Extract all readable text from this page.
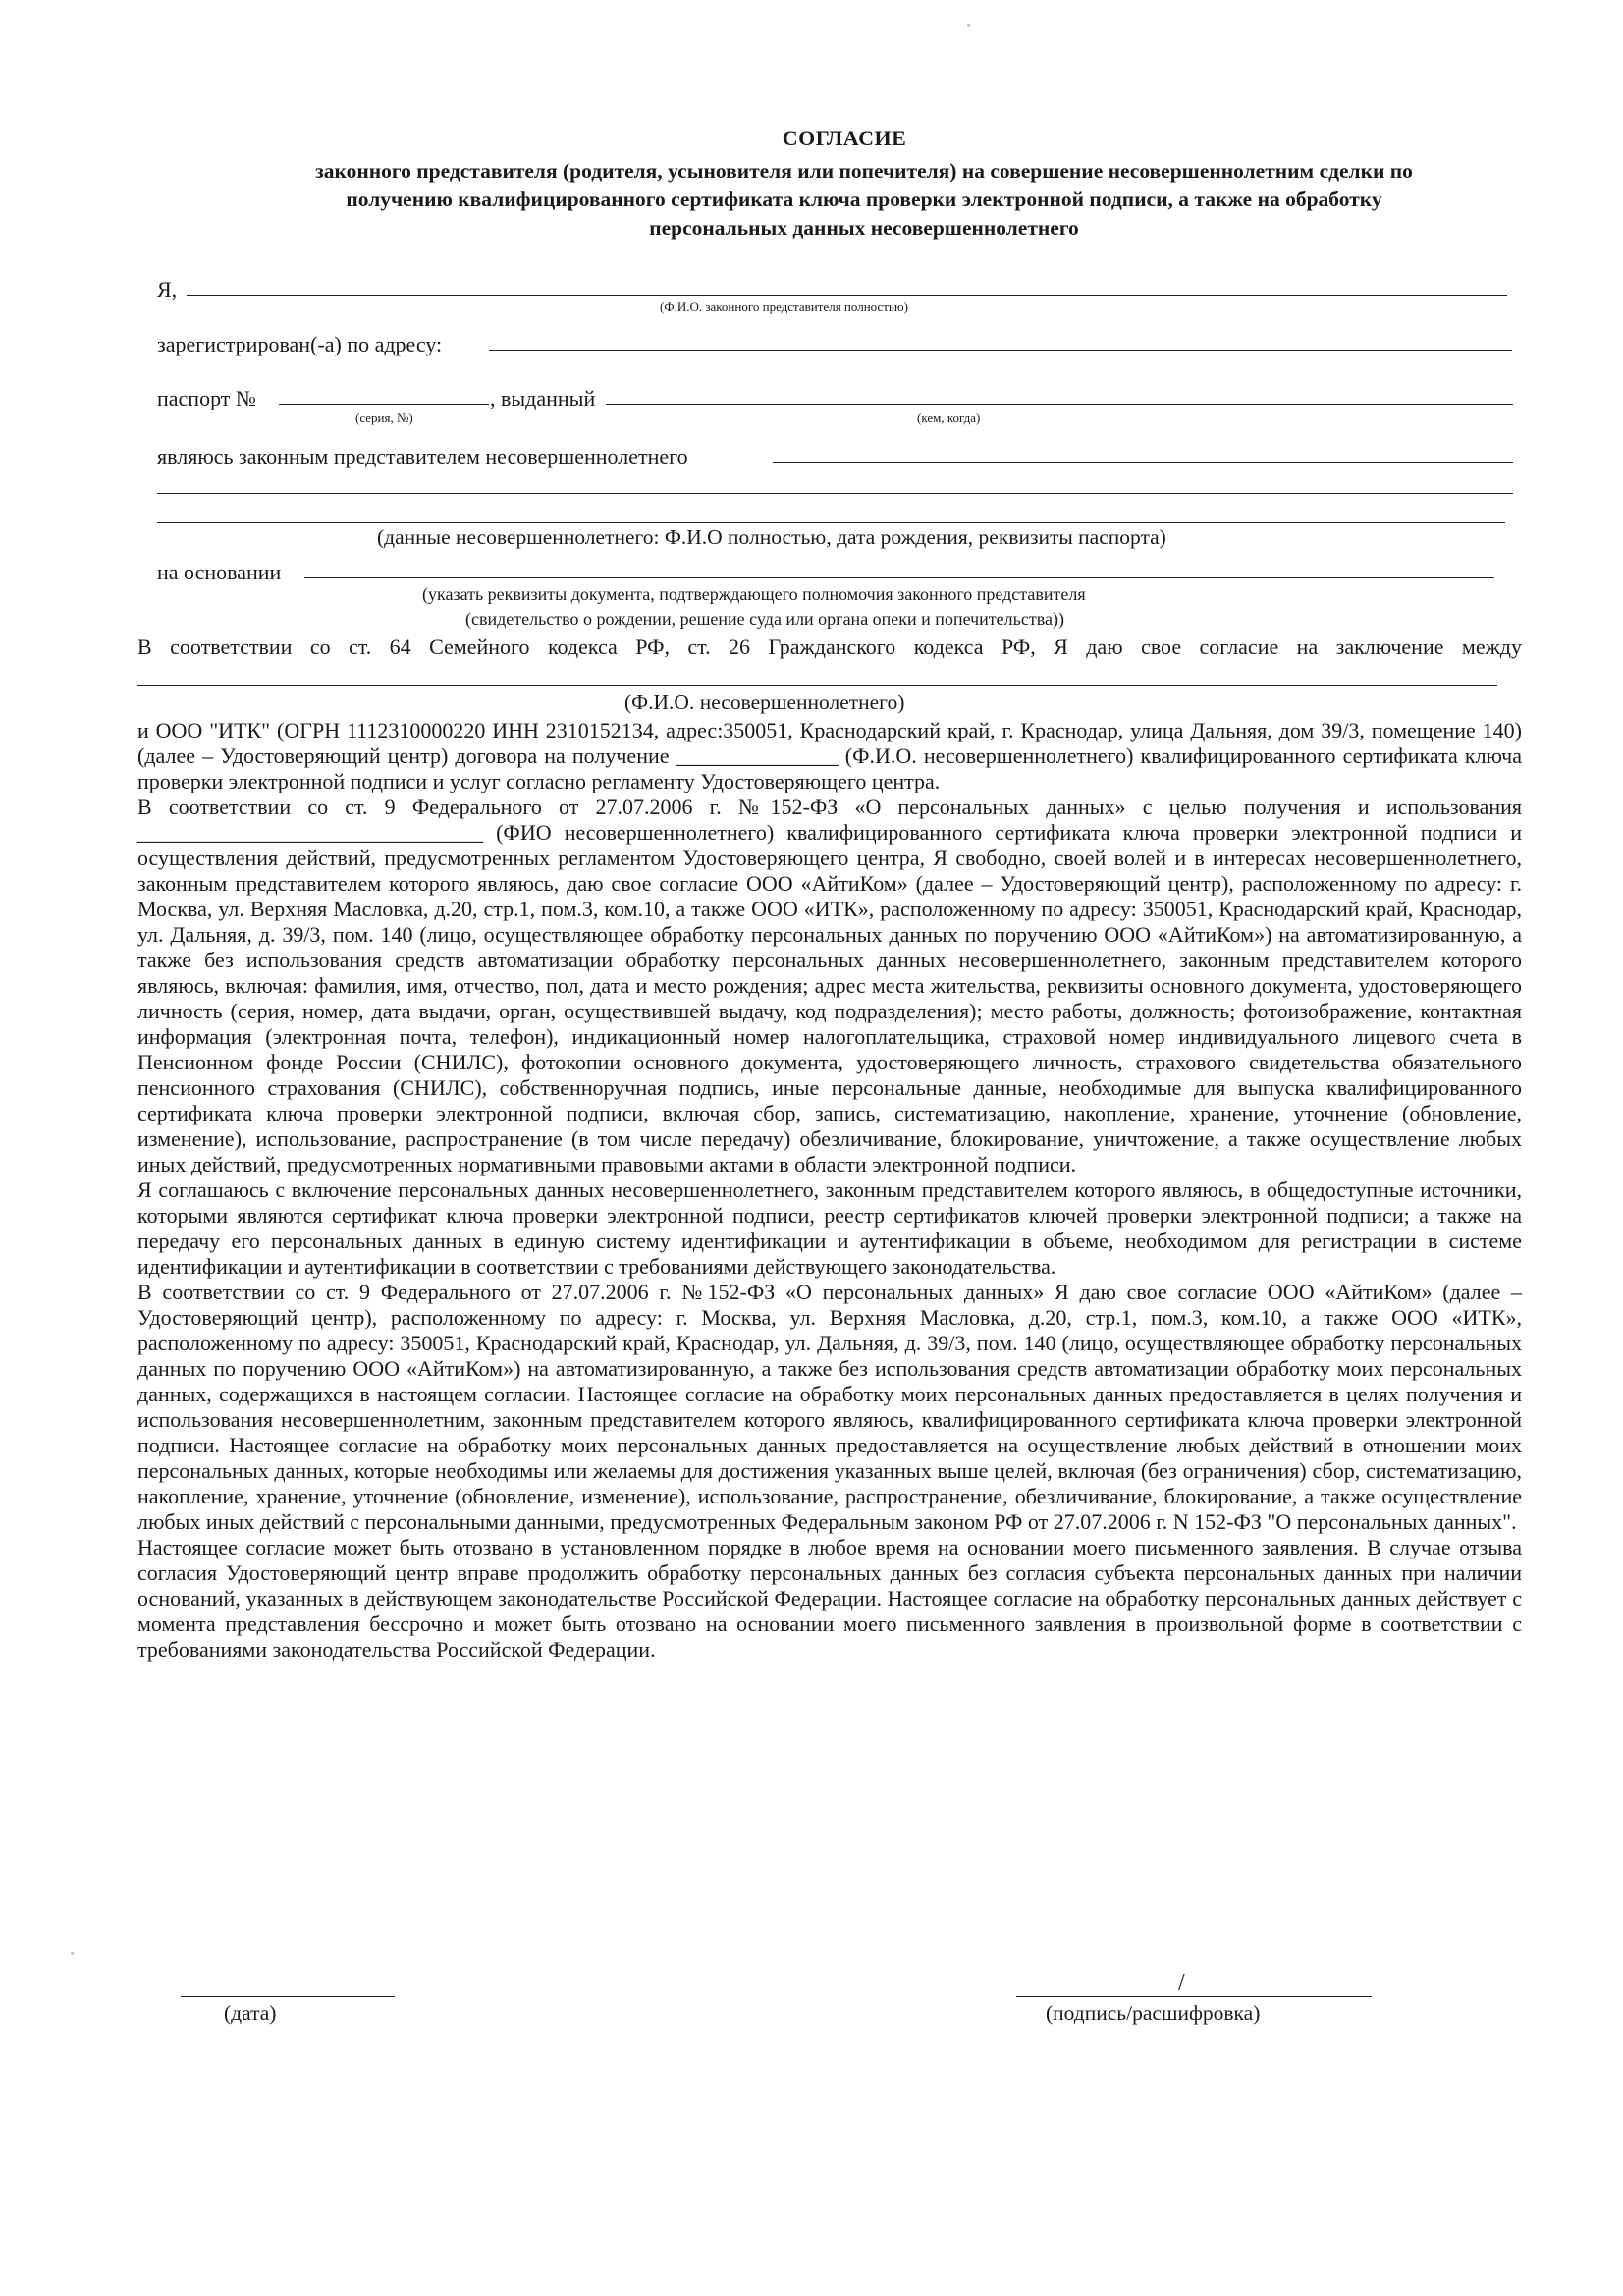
СОГЛАСИЕ
законного представителя (родителя, усыновителя или попечителя) на совершение несовершеннолетним сделки по
получению квалифицированного сертификата ключа проверки электронной подписи, а также на обработку
персональных данных несовершеннолетнего
Я,
(Ф.И.О. законного представителя полностью)
зарегистрирован(-а) по адресу:
паспорт №	, выданный
(серия, №)	(кем, когда)
являюсь законным представителем несовершеннолетнего
(данные несовершеннолетнего: Ф.И.О полностью, дата рождения, реквизиты паспорта)
на основании
(указать реквизиты документа, подтверждающего полномочия законного представителя
(свидетельство о рождении, решение суда или органа опеки и попечительства))
В соответствии со ст. 64 Семейного кодекса РФ, ст. 26 Гражданского кодекса РФ, Я даю свое согласие на заключение между
(Ф.И.О. несовершеннолетнего)

и ООО "ИТК" (ОГРН 1112310000220 ИНН 2310152134, адрес:350051, Краснодарский край, г. Краснодар, улица Дальняя, дом 39/3, помещение 140) (далее – Удостоверяющий центр) договора на получение _______________ (Ф.И.О. несовершеннолетнего) квалифицированного сертификата ключа проверки электронной подписи и услуг согласно регламенту Удостоверяющего центра.

В соответствии со ст. 9 Федерального от 27.07.2006 г. №152-ФЗ «О персональных данных» с целью получения и использования ________________________________ (ФИО несовершеннолетнего) квалифицированного сертификата ключа проверки электронной подписи и осуществления действий, предусмотренных регламентом Удостоверяющего центра, Я свободно, своей волей и в интересах несовершеннолетнего, законным представителем которого являюсь, даю свое согласие ООО «АйтиКом» (далее – Удостоверяющий центр), расположенному по адресу: г. Москва, ул. Верхняя Масловка, д.20, стр.1, пом.3, ком.10, а также ООО «ИТК», расположенному по адресу: 350051, Краснодарский край, Краснодар, ул. Дальняя, д. 39/3, пом. 140 (лицо, осуществляющее обработку персональных данных по поручению ООО «АйтиКом») на автоматизированную, а также без использования средств автоматизации обработку персональных данных несовершеннолетнего, законным представителем которого являюсь, включая: фамилия, имя, отчество, пол, дата и место рождения; адрес места жительства, реквизиты основного документа, удостоверяющего личность (серия, номер, дата выдачи, орган, осуществившей выдачу, код подразделения); место работы, должность; фотоизображение, контактная информация (электронная почта, телефон), индикационный номер налогоплательщика, страховой номер индивидуального лицевого счета в Пенсионном фонде России (СНИЛС), фотокопии основного документа, удостоверяющего личность, страхового свидетельства обязательного пенсионного страхования (СНИЛС), собственноручная подпись, иные персональные данные, необходимые для выпуска квалифицированного сертификата ключа проверки электронной подписи, включая сбор, запись, систематизацию, накопление, хранение, уточнение (обновление, изменение), использование, распространение (в том числе передачу) обезличивание, блокирование, уничтожение, а также осуществление любых иных действий, предусмотренных нормативными правовыми актами в области электронной подписи.

Я соглашаюсь с включение персональных данных несовершеннолетнего, законным представителем которого являюсь, в общедоступные источники, которыми являются сертификат ключа проверки электронной подписи, реестр сертификатов ключей проверки электронной подписи; а также на передачу его персональных данных в единую систему идентификации и аутентификации в объеме, необходимом для регистрации в системе идентификации и аутентификации в соответствии с требованиями действующего законодательства.

В соответствии со ст. 9 Федерального от 27.07.2006 г. №152-ФЗ «О персональных данных» Я даю свое согласие ООО «АйтиКом» (далее – Удостоверяющий центр), расположенному по адресу: г. Москва, ул. Верхняя Масловка, д.20, стр.1, пом.3, ком.10, а также ООО «ИТК», расположенному по адресу: 350051, Краснодарский край, Краснодар, ул. Дальняя, д. 39/3, пом. 140 (лицо, осуществляющее обработку персональных данных по поручению ООО «АйтиКом») на автоматизированную, а также без использования средств автоматизации обработку моих персональных данных, содержащихся в настоящем согласии. Настоящее согласие на обработку моих персональных данных предоставляется в целях получения и использования несовершеннолетним, законным представителем которого являюсь, квалифицированного сертификата ключа проверки электронной подписи. Настоящее согласие на обработку моих персональных данных предоставляется на осуществление любых действий в отношении моих персональных данных, которые необходимы или желаемы для достижения указанных выше целей, включая (без ограничения) сбор, систематизацию, накопление, хранение, уточнение (обновление, изменение), использование, распространение, обезличивание, блокирование, а также осуществление любых иных действий с персональными данными, предусмотренных Федеральным законом РФ от 27.07.2006 г. N 152-ФЗ "О персональных данных".

Настоящее согласие может быть отозвано в установленном порядке в любое время на основании моего письменного заявления. В случае отзыва согласия Удостоверяющий центр вправе продолжить обработку персональных данных без согласия субъекта персональных данных при наличии оснований, указанных в действующем законодательстве Российской Федерации. Настоящее согласие на обработку персональных данных действует с момента представления бессрочно и может быть отозвано на основании моего письменного заявления в произвольной форме в соответствии с требованиями законодательства Российской Федерации.

(дата)
/
(подпись/расшифровка)
